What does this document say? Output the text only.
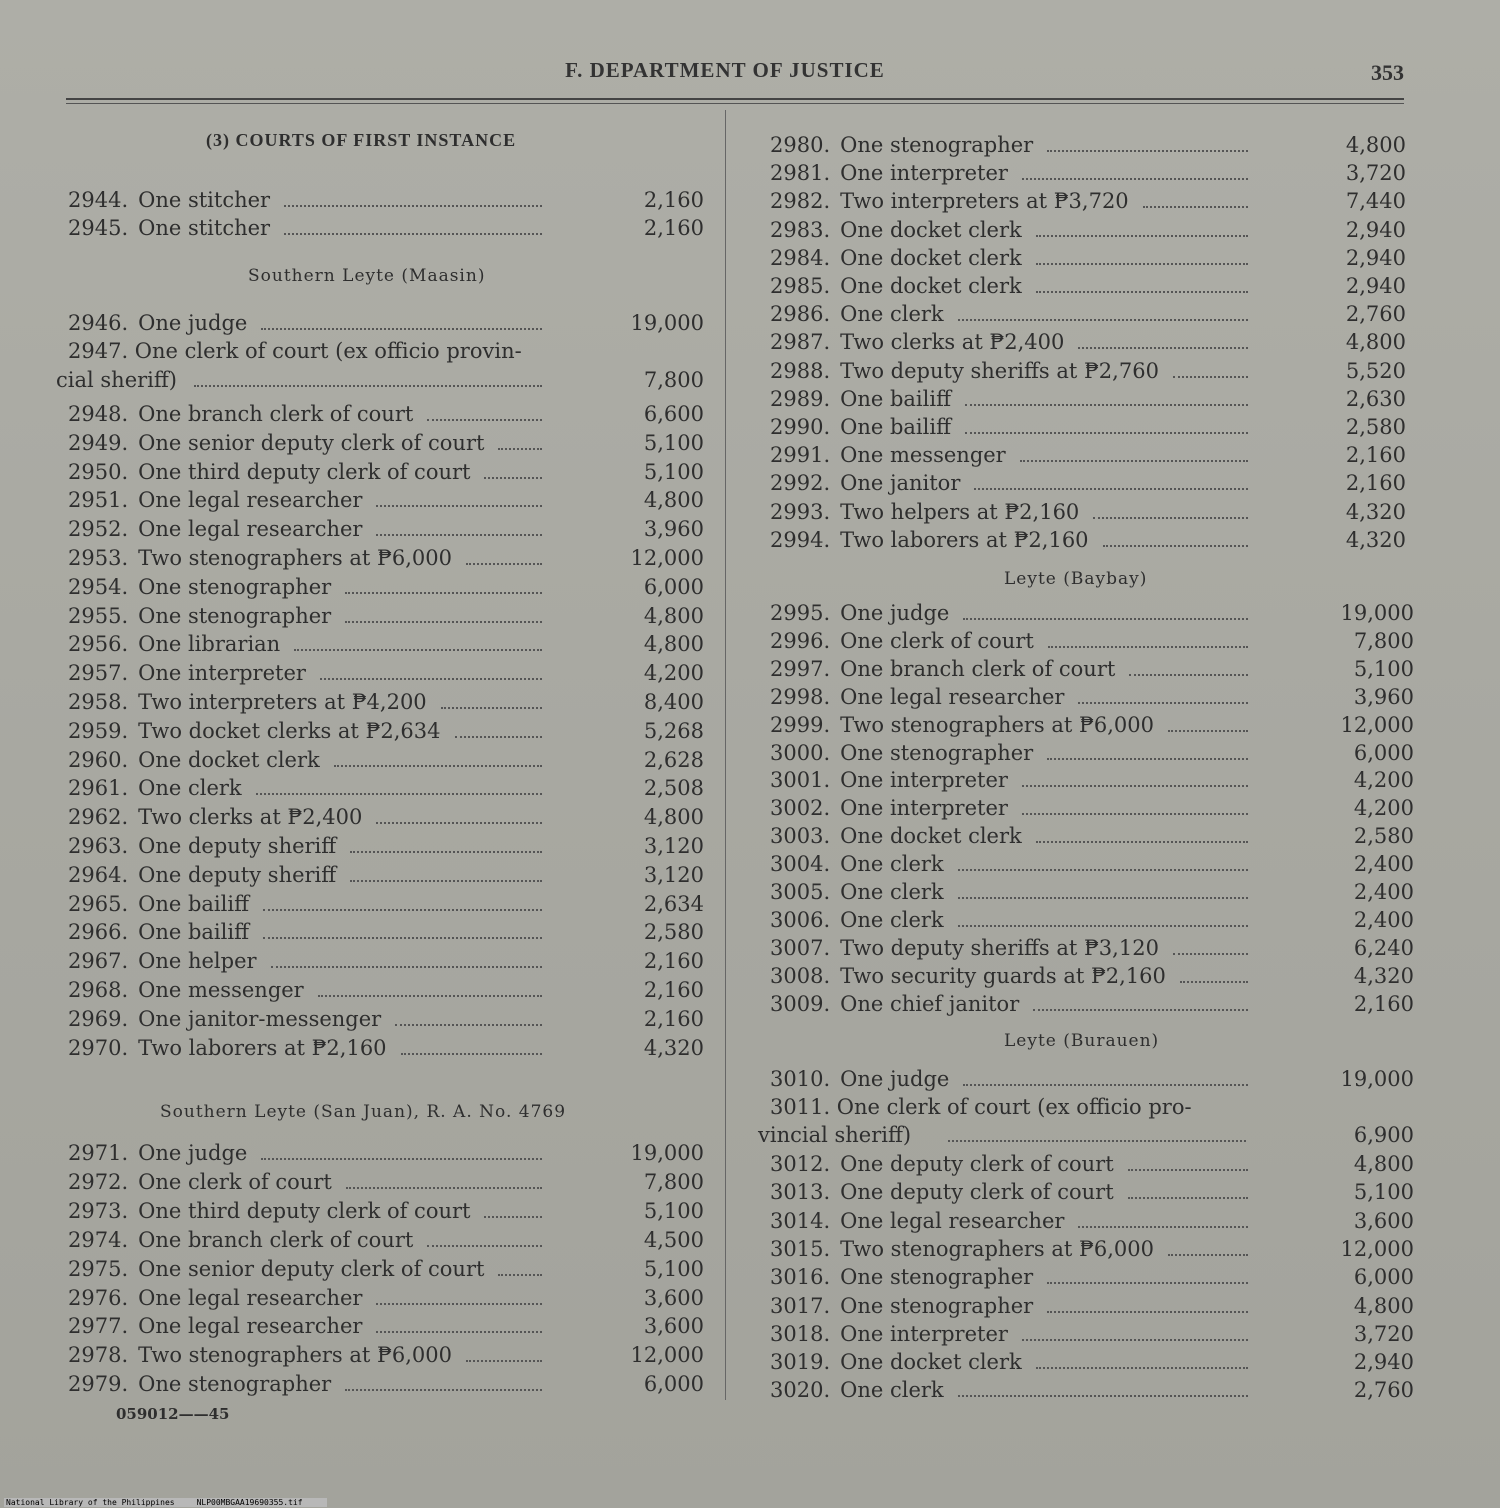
F. DEPARTMENT OF JUSTICE	353
(3) COURTS OF FIRST INSTANCE
Southern Leyte (Maasin)
2947. One clerk of court (ex officio provin-
cial sheriff)	7,800
Southern Leyte (San Juan), R. A. No. 4769
059012——45
Leyte (Baybay)
Leyte (Burauen)
3011. One clerk of court (ex officio pro-
vincial sheriff)	6,900
2944. One stitcher	2,160
2945. One stitcher	2,160
2946. One judge	19,000
2948. One branch clerk of court	6,600
2949. One senior deputy clerk of court	5,100
2950. One third deputy clerk of court	5,100
2951. One legal researcher	4,800
2952. One legal researcher	3,960
2953. Two stenographers at ₱6,000	12,000
2954. One stenographer	6,000
2955. One stenographer	4,800
2956. One librarian	4,800
2957. One interpreter	4,200
2958. Two interpreters at ₱4,200	8,400
2959. Two docket clerks at ₱2,634	5,268
2960. One docket clerk	2,628
2961. One clerk	2,508
2962. Two clerks at ₱2,400	4,800
2963. One deputy sheriff	3,120
2964. One deputy sheriff	3,120
2965. One bailiff	2,634
2966. One bailiff	2,580
2967. One helper	2,160
2968. One messenger	2,160
2969. One janitor-messenger	2,160
2970. Two laborers at ₱2,160	4,320
2971. One judge	19,000
2972. One clerk of court	7,800
2973. One third deputy clerk of court	5,100
2974. One branch clerk of court	4,500
2975. One senior deputy clerk of court	5,100
2976. One legal researcher	3,600
2977. One legal researcher	3,600
2978. Two stenographers at ₱6,000	12,000
2979. One stenographer	6,000
2980. One stenographer	4,800
2981. One interpreter	3,720
2982. Two interpreters at ₱3,720	7,440
2983. One docket clerk	2,940
2984. One docket clerk	2,940
2985. One docket clerk	2,940
2986. One clerk	2,760
2987. Two clerks at ₱2,400	4,800
2988. Two deputy sheriffs at ₱2,760	5,520
2989. One bailiff	2,630
2990. One bailiff	2,580
2991. One messenger	2,160
2992. One janitor	2,160
2993. Two helpers at ₱2,160	4,320
2994. Two laborers at ₱2,160	4,320
2995. One judge	19,000
2996. One clerk of court	7,800
2997. One branch clerk of court	5,100
2998. One legal researcher	3,960
2999. Two stenographers at ₱6,000	12,000
3000. One stenographer	6,000
3001. One interpreter	4,200
3002. One interpreter	4,200
3003. One docket clerk	2,580
3004. One clerk	2,400
3005. One clerk	2,400
3006. One clerk	2,400
3007. Two deputy sheriffs at ₱3,120	6,240
3008. Two security guards at ₱2,160	4,320
3009. One chief janitor	2,160
3010. One judge	19,000
3012. One deputy clerk of court	4,800
3013. One deputy clerk of court	5,100
3014. One legal researcher	3,600
3015. Two stenographers at ₱6,000	12,000
3016. One stenographer	6,000
3017. One stenographer	4,800
3018. One interpreter	3,720
3019. One docket clerk	2,940
3020. One clerk	2,760
National Library of the Philippines	NLP00MBGAA19690355.tif
